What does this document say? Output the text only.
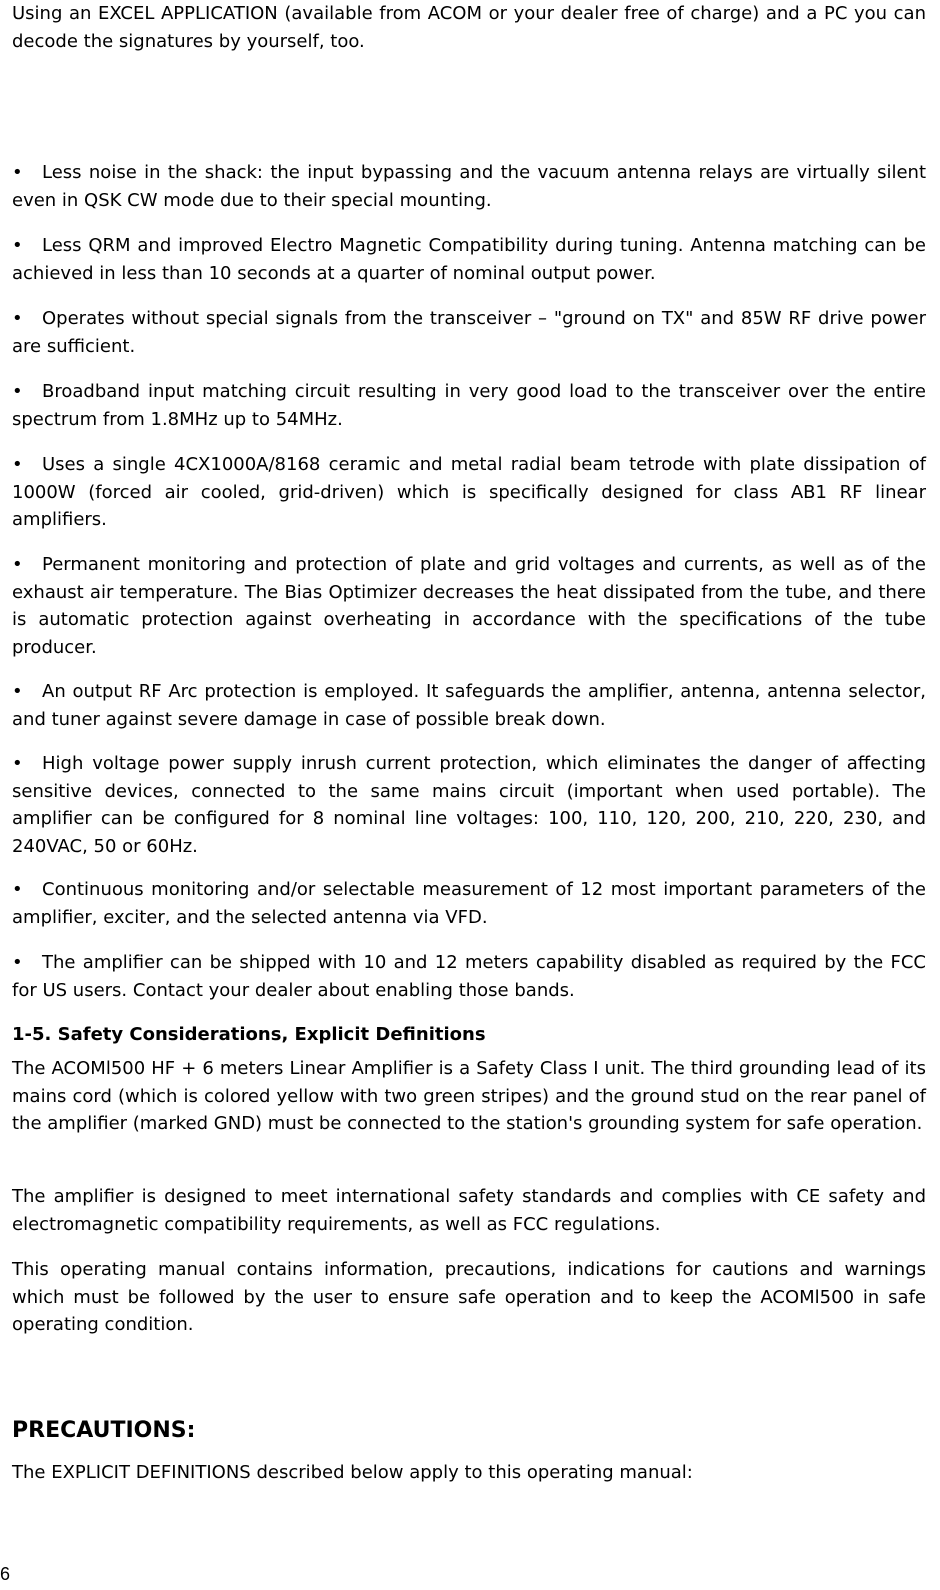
Using an EXCEL APPLICATION (available from ACOM or your dealer free of charge) and a PC you can decode the signatures by yourself, too.

• Less noise in the shack: the input bypassing and the vacuum antenna relays are virtually silent even in QSK CW mode due to their special mounting.

• Less QRM and improved Electro Magnetic Compatibility during tuning. Antenna matching can be achieved in less than 10 seconds at a quarter of nominal output power.

• Operates without special signals from the transceiver – "ground on TX" and 85W RF drive power are sufficient.

• Broadband input matching circuit resulting in very good load to the transceiver over the entire spectrum from 1.8MHz up to 54MHz.

• Uses a single 4CX1000A/8168 ceramic and metal radial beam tetrode with plate dissipation of 1000W (forced air cooled, grid-driven) which is specifically designed for class AB1 RF linear amplifiers.

• Permanent monitoring and protection of plate and grid voltages and currents, as well as of the exhaust air temperature. The Bias Optimizer decreases the heat dissipated from the tube, and there is automatic protection against overheating in accordance with the specifications of the tube producer.

• An output RF Arc protection is employed. It safeguards the amplifier, antenna, antenna selector, and tuner against severe damage in case of possible break down.

• High voltage power supply inrush current protection, which eliminates the danger of affecting sensitive devices, connected to the same mains circuit (important when used portable). The amplifier can be configured for 8 nominal line voltages: 100, 110, 120, 200, 210, 220, 230, and 240VAC, 50 or 60Hz.

• Continuous monitoring and/or selectable measurement of 12 most important parameters of the amplifier, exciter, and the selected antenna via VFD.

• The amplifier can be shipped with 10 and 12 meters capability disabled as required by the FCC for US users. Contact your dealer about enabling those bands.

1-5. Safety Considerations, Explicit Definitions

The ACOMl500 HF + 6 meters Linear Amplifier is a Safety Class I unit. The third grounding lead of its mains cord (which is colored yellow with two green stripes) and the ground stud on the rear panel of the amplifier (marked GND) must be connected to the station's grounding system for safe operation.

The amplifier is designed to meet international safety standards and complies with CE safety and electromagnetic compatibility requirements, as well as FCC regulations.

This operating manual contains information, precautions, indications for cautions and warnings which must be followed by the user to ensure safe operation and to keep the ACOMl500 in safe operating condition.

PRECAUTIONS:

The EXPLICIT DEFINITIONS described below apply to this operating manual:

6
